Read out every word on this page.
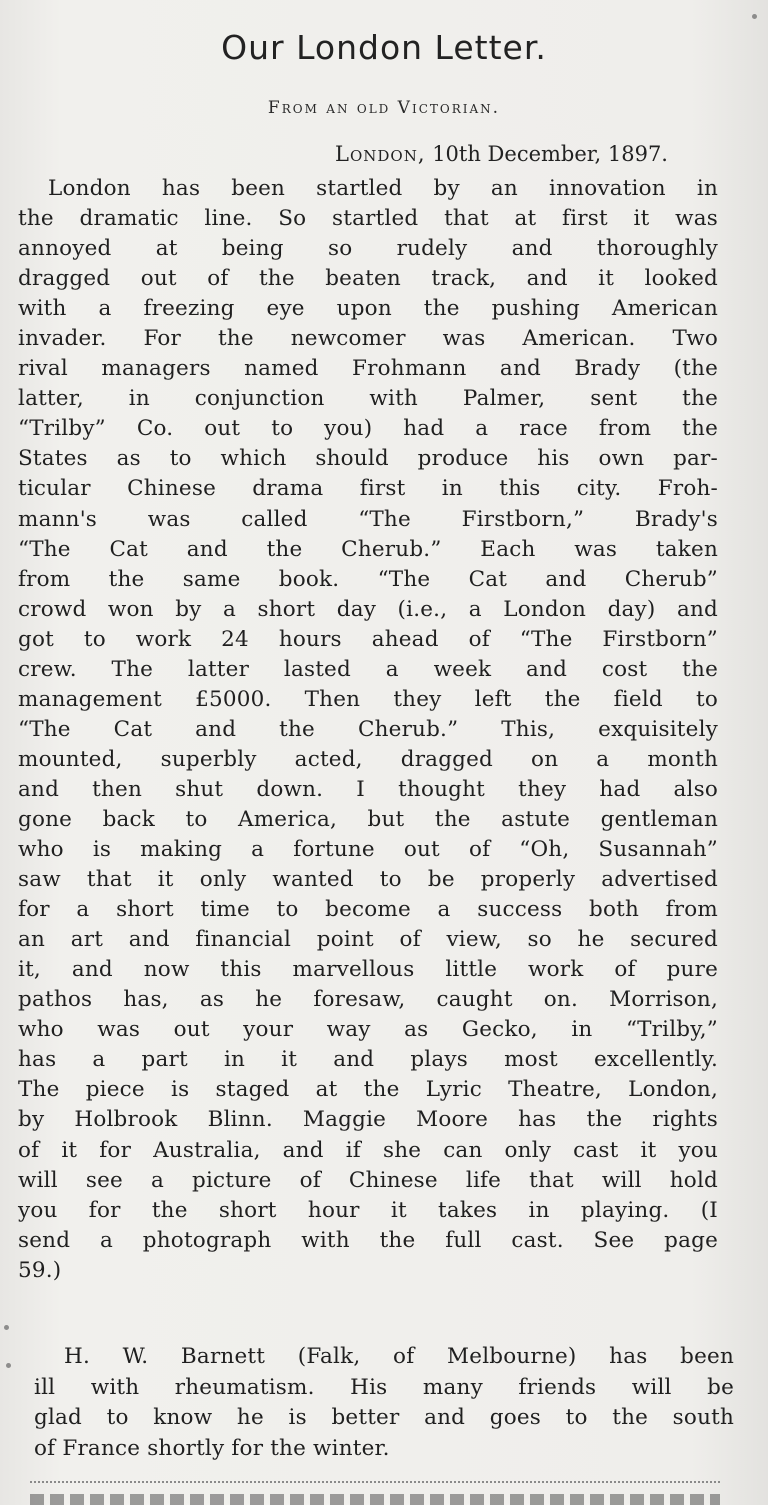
Our London Letter.
From an old Victorian.
London, 10th December, 1897.
London has been startled by an innovation in
the dramatic line. So startled that at first it was
annoyed at being so rudely and thoroughly
dragged out of the beaten track, and it looked
with a freezing eye upon the pushing American
invader. For the newcomer was American. Two
rival managers named Frohmann and Brady (the
latter, in conjunction with Palmer, sent the
“Trilby” Co. out to you) had a race from the
States as to which should produce his own par-
ticular Chinese drama first in this city. Froh-
mann's was called “The Firstborn,” Brady's
“The Cat and the Cherub.” Each was taken
from the same book. “The Cat and Cherub”
crowd won by a short day (i.e., a London day) and
got to work 24 hours ahead of “The Firstborn”
crew. The latter lasted a week and cost the
management £5000. Then they left the field to
“The Cat and the Cherub.” This, exquisitely
mounted, superbly acted, dragged on a month
and then shut down. I thought they had also
gone back to America, but the astute gentleman
who is making a fortune out of “Oh, Susannah”
saw that it only wanted to be properly advertised
for a short time to become a success both from
an art and financial point of view, so he secured
it, and now this marvellous little work of pure
pathos has, as he foresaw, caught on. Morrison,
who was out your way as Gecko, in “Trilby,”
has a part in it and plays most excellently.
The piece is staged at the Lyric Theatre, London,
by Holbrook Blinn. Maggie Moore has the rights
of it for Australia, and if she can only cast it you
will see a picture of Chinese life that will hold
you for the short hour it takes in playing. (I
send a photograph with the full cast. See page
59.)
H. W. Barnett (Falk, of Melbourne) has been
ill with rheumatism. His many friends will be
glad to know he is better and goes to the south
of France shortly for the winter.
